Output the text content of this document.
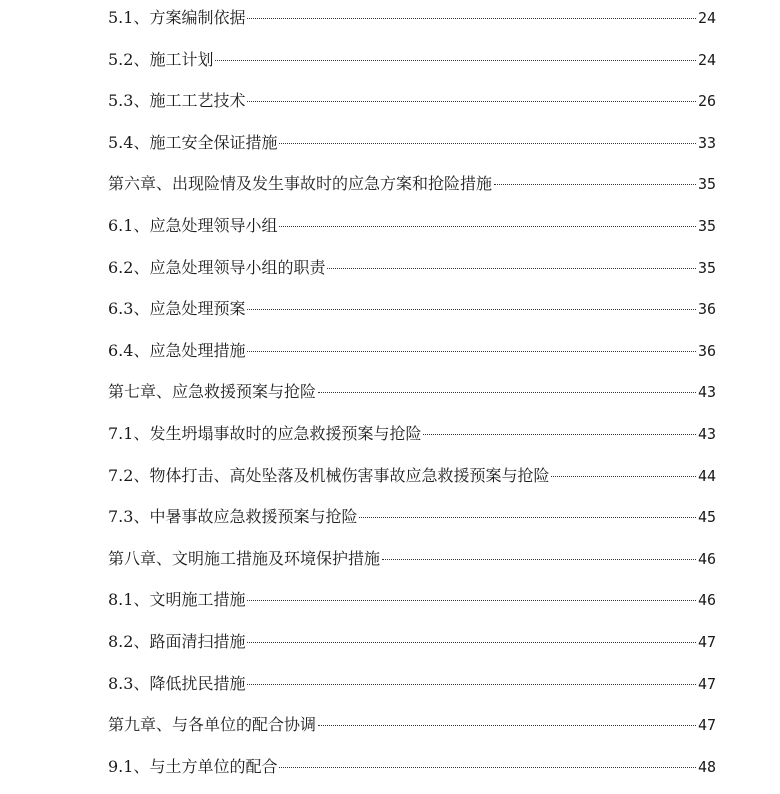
5.1、方案编制依据	24
5.2、施工计划	24
5.3、施工工艺技术	26
5.4、施工安全保证措施	33
第六章、出现险情及发生事故时的应急方案和抢险措施	35
6.1、应急处理领导小组	35
6.2、应急处理领导小组的职责	35
6.3、应急处理预案	36
6.4、应急处理措施	36
第七章、应急救援预案与抢险	43
7.1、发生坍塌事故时的应急救援预案与抢险	43
7.2、物体打击、高处坠落及机械伤害事故应急救援预案与抢险	44
7.3、中暑事故应急救援预案与抢险	45
第八章、文明施工措施及环境保护措施	46
8.1、文明施工措施	46
8.2、路面清扫措施	47
8.3、降低扰民措施	47
第九章、与各单位的配合协调	47
9.1、与土方单位的配合	48
